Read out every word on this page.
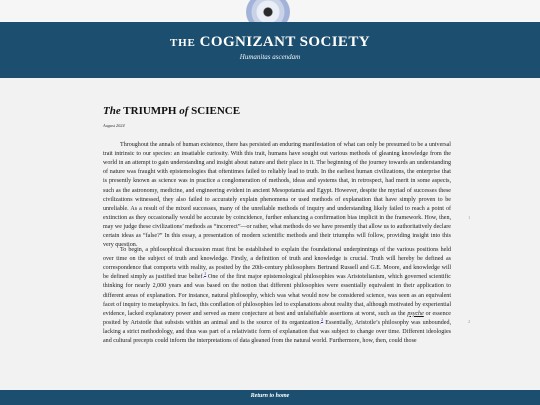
THE COGNIZANT SOCIETY
Humanitas ascendam
The TRIUMPH of SCIENCE
August 2024

Throughout the annals of human existence, there has persisted an enduring manifestation of what can only be presumed to be a universal trait intrinsic to our species: an insatiable curiosity. With this trait, humans have sought out various methods of gleaning knowledge from the world in an attempt to gain understanding and insight about nature and their place in it. The beginning of the journey towards an understanding of nature was fraught with epistemologies that oftentimes failed to reliably lead to truth. In the earliest human civilizations, the enterprise that is presently known as science was in practice a conglomeration of methods, ideas and systems that, in retrospect, had merit in some aspects, such as the astronomy, medicine, and engineering evident in ancient Mesopotamia and Egypt. However, despite the myriad of successes these civilizations witnessed, they also failed to accurately explain phenomena or used methods of explanation that have simply proven to be unreliable. As a result of the mixed successes, many of the unreliable methods of inquiry and understanding likely failed to reach a point of extinction as they occasionally would be accurate by coincidence, further enhancing a confirmation bias implicit in the framework. How, then, may we judge these civilizations’ methods as “incorrect”—or rather, what methods do we have presently that allow us to authoritatively declare certain ideas as “false?” In this essay, a presentation of modern scientific methods and their triumphs will follow, providing insight into this very question.

To begin, a philosophical discussion must first be established to explain the foundational underpinnings of the various positions held over time on the subject of truth and knowledge. Firstly, a definition of truth and knowledge is crucial. Truth will hereby be defined as correspondence that comports with reality, as posited by the 20th-century philosophers Bertrand Russell and G.E. Moore, and knowledge will be defined simply as justified true belief.$^1$ One of the first major epistemological philosophies was Aristotelianism, which governed scientific thinking for nearly 2,000 years and was based on the notion that different philosophies were essentially equivalent in their application to different areas of explanation. For instance, natural philosophy, which was what would now be considered science, was seen as an equivalent facet of inquiry to metaphysics. In fact, this conflation of philosophies led to explanations about reality that, although motivated by experiential evidence, lacked explanatory power and served as mere conjecture at best and unfalsifiable assertions at worst, such as the psyche or essence posited by Aristotle that subsists within an animal and is the source of its organization.$^2$ Essentially, Aristotle’s philosophy was unbounded, lacking a strict methodology, and thus was part of a relativistic form of explanation that was subject to change over time. Different ideologies and cultural precepts could inform the interpretations of data gleaned from the natural world. Furthermore, how, then, could those

1
2
Return to home
